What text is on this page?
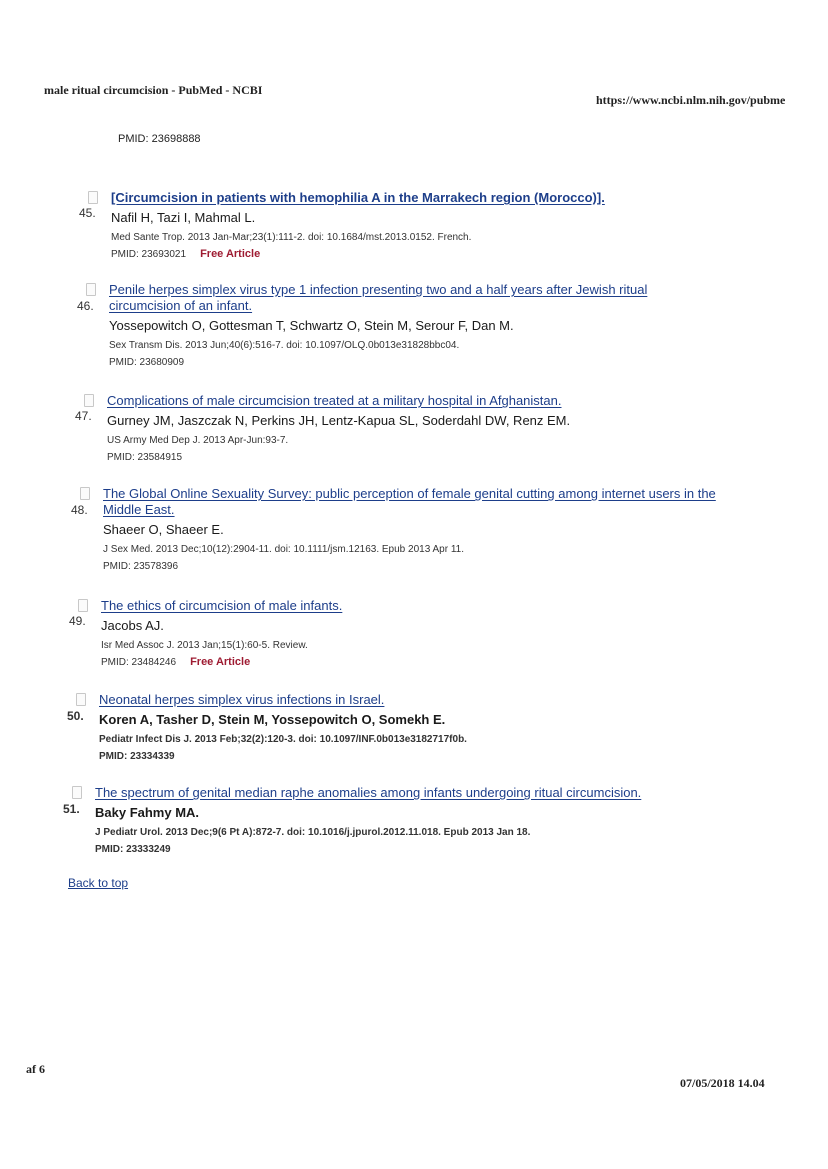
male ritual circumcision - PubMed - NCBI
https://www.ncbi.nlm.nih.gov/pubme
PMID: 23698888
45.
[Circumcision in patients with hemophilia A in the Marrakech region (Morocco)].
Nafil H, Tazi I, Mahmal L.
Med Sante Trop. 2013 Jan-Mar;23(1):111-2. doi: 10.1684/mst.2013.0152. French.
PMID: 23693021 Free Article
46.
Penile herpes simplex virus type 1 infection presenting two and a half years after Jewish ritual circumcision of an infant.
Yossepowitch O, Gottesman T, Schwartz O, Stein M, Serour F, Dan M.
Sex Transm Dis. 2013 Jun;40(6):516-7. doi: 10.1097/OLQ.0b013e31828bbc04.
PMID: 23680909
47.
Complications of male circumcision treated at a military hospital in Afghanistan.
Gurney JM, Jaszczak N, Perkins JH, Lentz-Kapua SL, Soderdahl DW, Renz EM.
US Army Med Dep J. 2013 Apr-Jun:93-7.
PMID: 23584915
48.
The Global Online Sexuality Survey: public perception of female genital cutting among internet users in the Middle East.
Shaeer O, Shaeer E.
J Sex Med. 2013 Dec;10(12):2904-11. doi: 10.1111/jsm.12163. Epub 2013 Apr 11.
PMID: 23578396
49.
The ethics of circumcision of male infants.
Jacobs AJ.
Isr Med Assoc J. 2013 Jan;15(1):60-5. Review.
PMID: 23484246 Free Article
50.
Neonatal herpes simplex virus infections in Israel.
Koren A, Tasher D, Stein M, Yossepowitch O, Somekh E.
Pediatr Infect Dis J. 2013 Feb;32(2):120-3. doi: 10.1097/INF.0b013e3182717f0b.
PMID: 23334339
51.
The spectrum of genital median raphe anomalies among infants undergoing ritual circumcision.
Baky Fahmy MA.
J Pediatr Urol. 2013 Dec;9(6 Pt A):872-7. doi: 10.1016/j.jpurol.2012.11.018. Epub 2013 Jan 18.
PMID: 23333249
Back to top
af 6
07/05/2018 14.04
